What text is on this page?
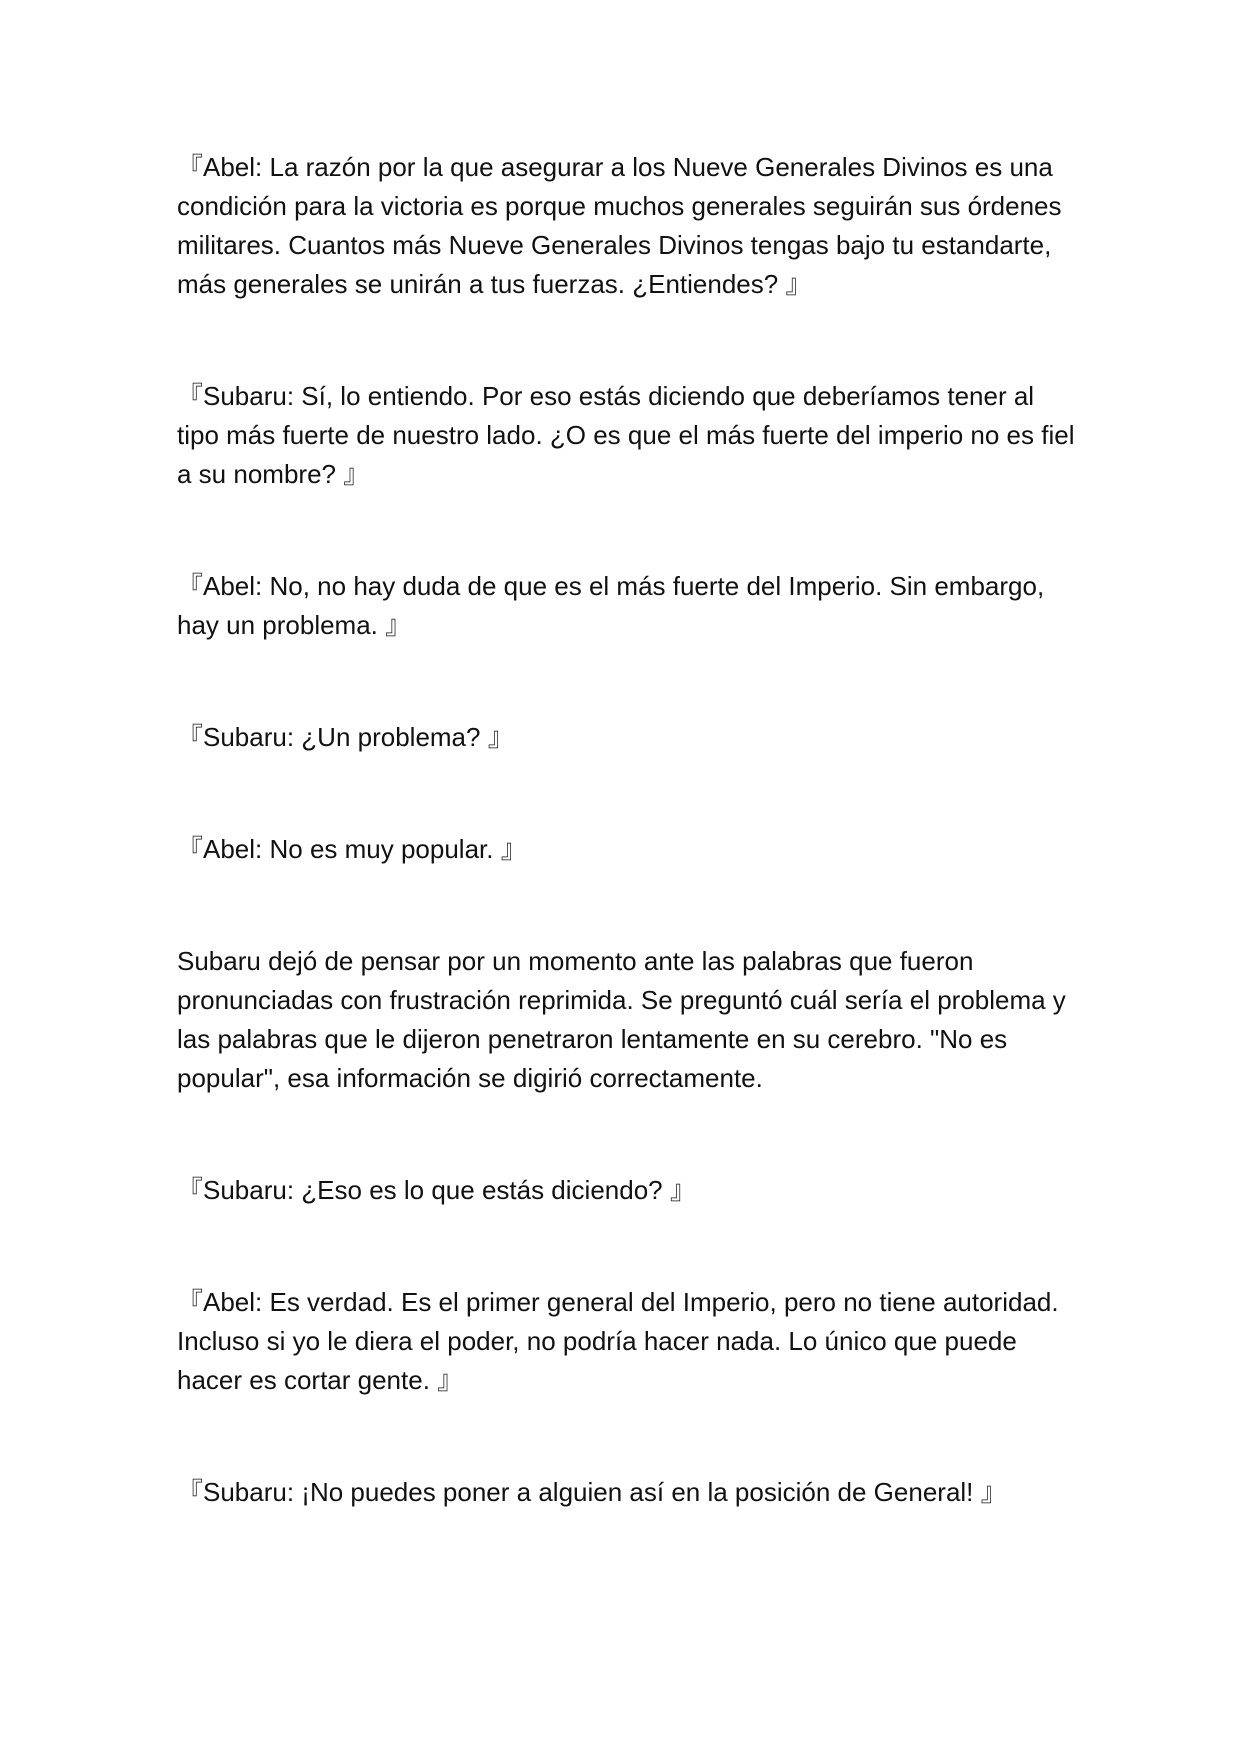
『Abel: La razón por la que asegurar a los Nueve Generales Divinos es una condición para la victoria es porque muchos generales seguirán sus órdenes militares. Cuantos más Nueve Generales Divinos tengas bajo tu estandarte, más generales se unirán a tus fuerzas. ¿Entiendes? 』

『Subaru: Sí, lo entiendo. Por eso estás diciendo que deberíamos tener al tipo más fuerte de nuestro lado. ¿O es que el más fuerte del imperio no es fiel a su nombre? 』

『Abel: No, no hay duda de que es el más fuerte del Imperio. Sin embargo, hay un problema. 』

『Subaru: ¿Un problema? 』

『Abel: No es muy popular. 』

Subaru dejó de pensar por un momento ante las palabras que fueron pronunciadas con frustración reprimida. Se preguntó cuál sería el problema y las palabras que le dijeron penetraron lentamente en su cerebro. "No es popular", esa información se digirió correctamente.

『Subaru: ¿Eso es lo que estás diciendo? 』

『Abel: Es verdad. Es el primer general del Imperio, pero no tiene autoridad. Incluso si yo le diera el poder, no podría hacer nada. Lo único que puede hacer es cortar gente. 』

『Subaru: ¡No puedes poner a alguien así en la posición de General! 』
